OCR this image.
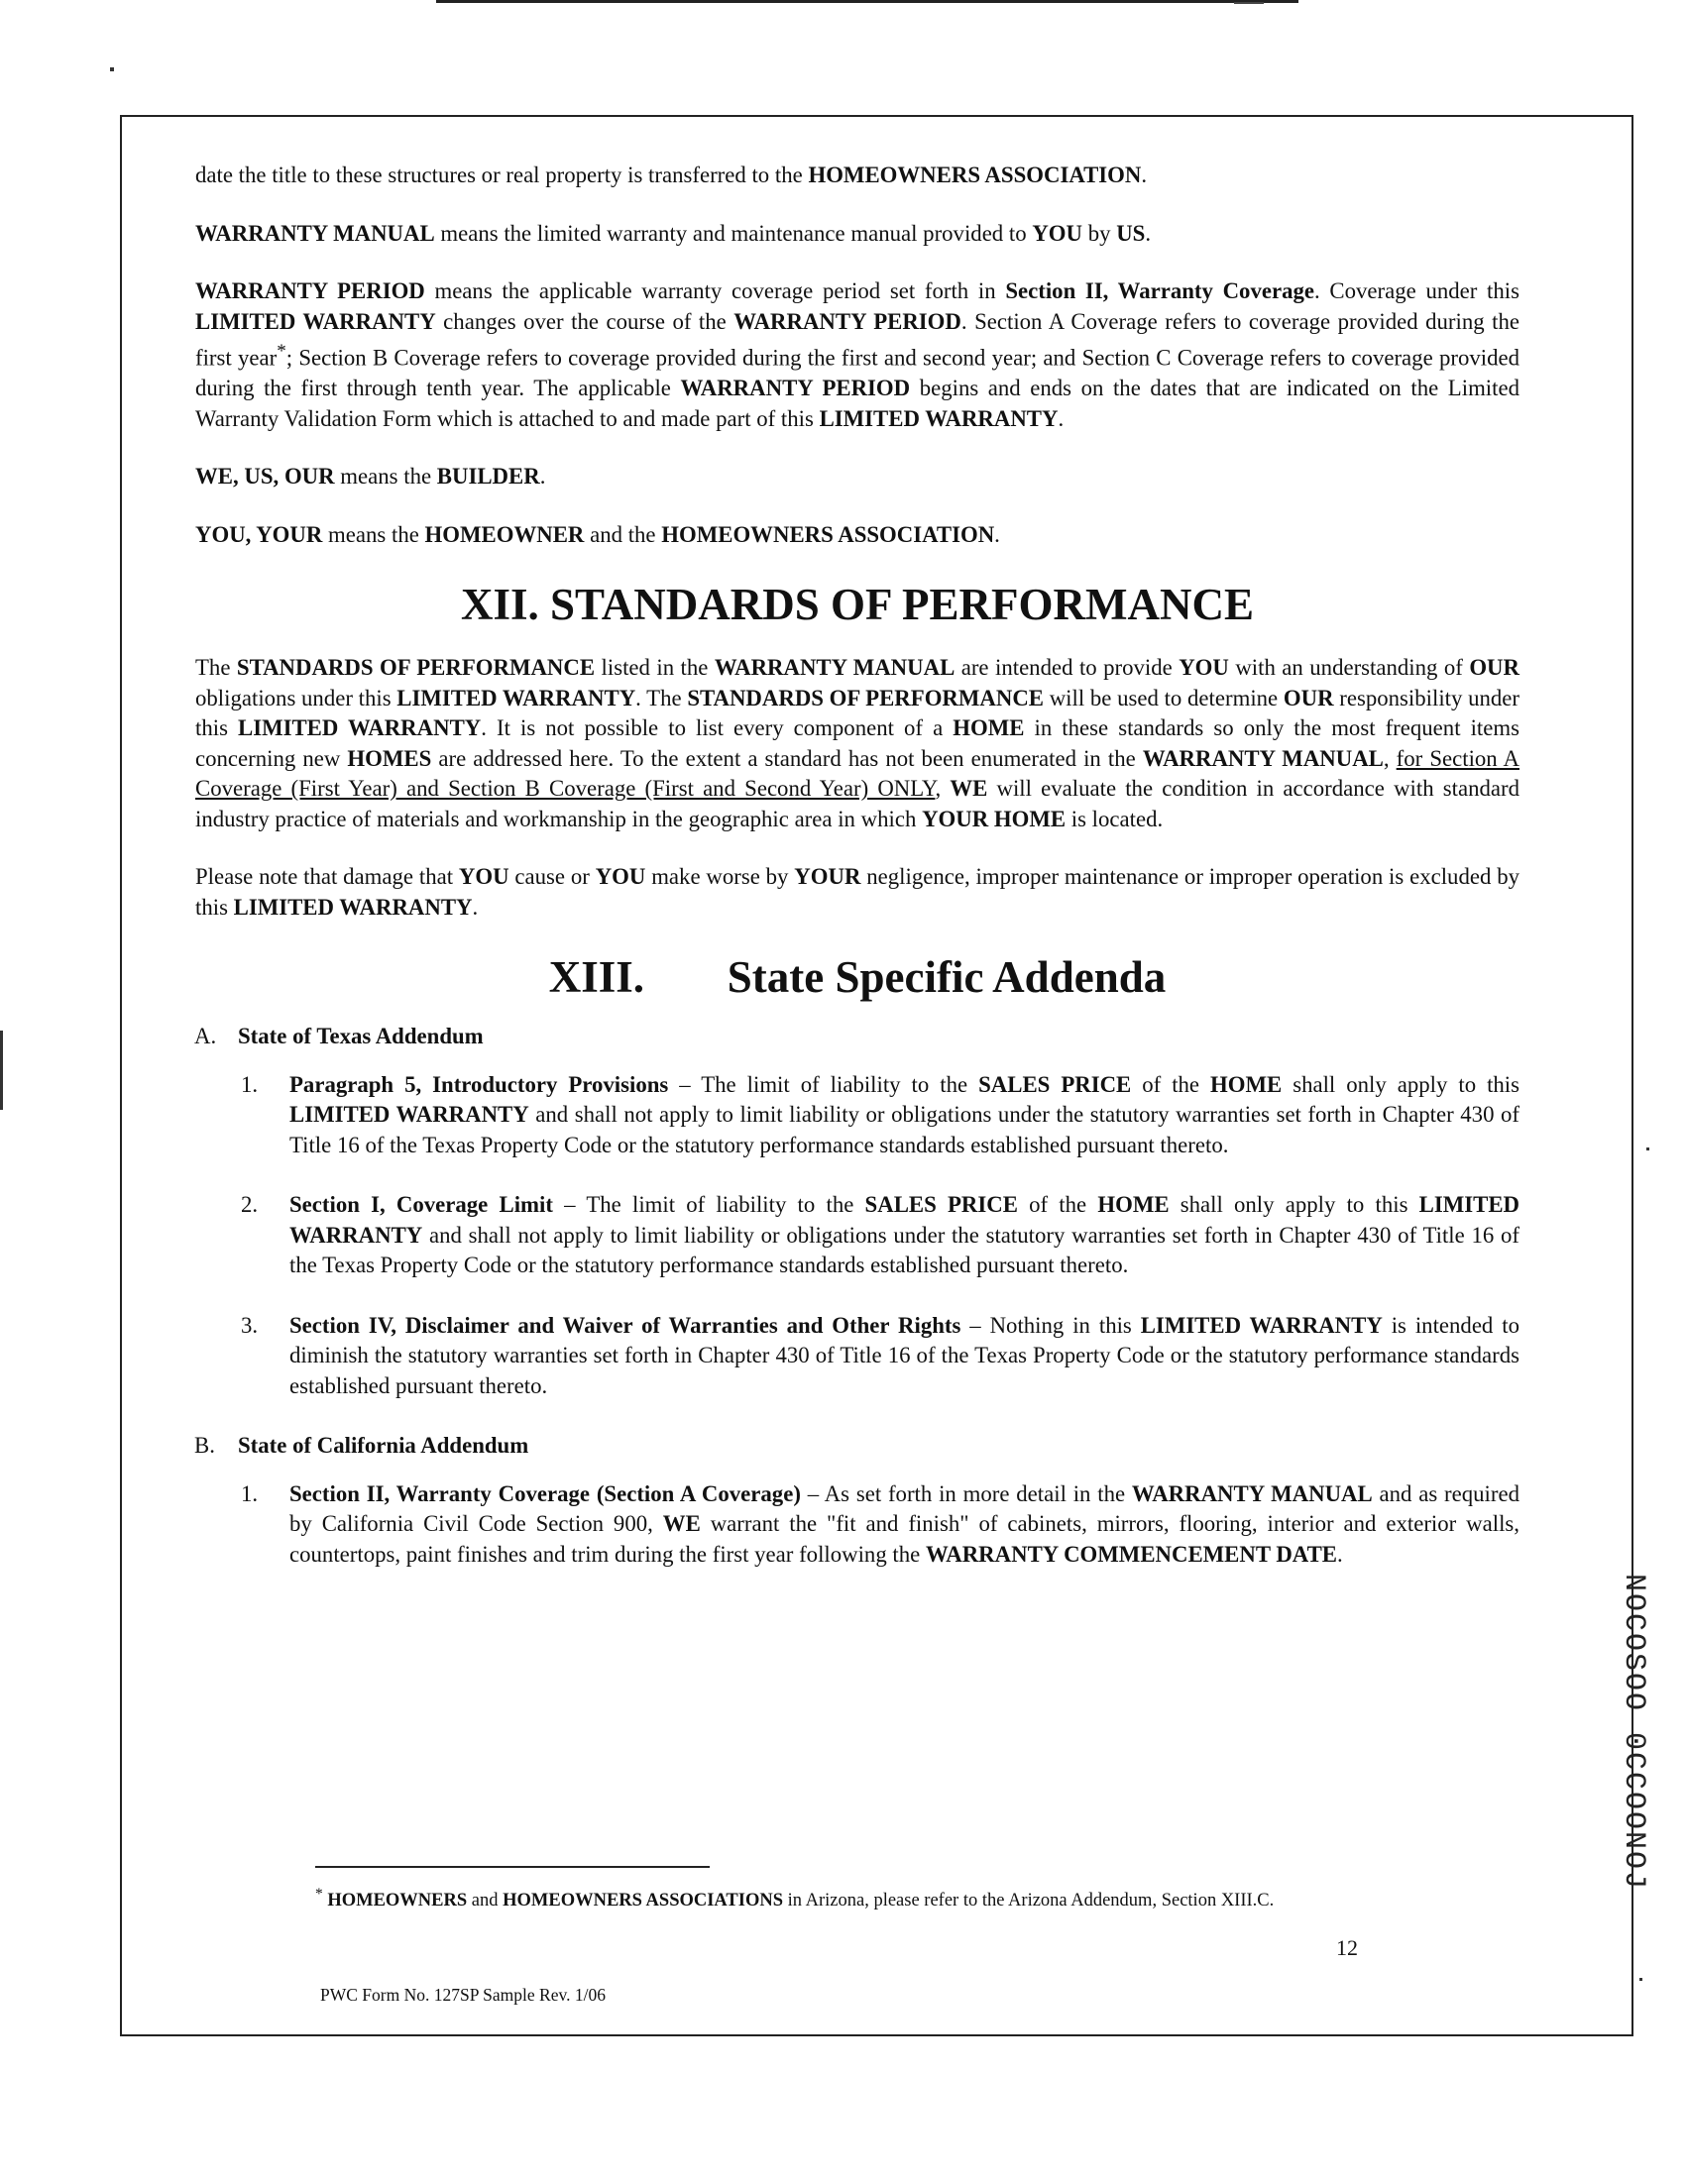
date the title to these structures or real property is transferred to the HOMEOWNERS ASSOCIATION.

WARRANTY MANUAL means the limited warranty and maintenance manual provided to YOU by US.

WARRANTY PERIOD means the applicable warranty coverage period set forth in Section II, Warranty Coverage. Coverage under this LIMITED WARRANTY changes over the course of the WARRANTY PERIOD. Section A Coverage refers to coverage provided during the first year*; Section B Coverage refers to coverage provided during the first and second year; and Section C Coverage refers to coverage provided during the first through tenth year. The applicable WARRANTY PERIOD begins and ends on the dates that are indicated on the Limited Warranty Validation Form which is attached to and made part of this LIMITED WARRANTY.

WE, US, OUR means the BUILDER.

YOU, YOUR means the HOMEOWNER and the HOMEOWNERS ASSOCIATION.

XII. STANDARDS OF PERFORMANCE

The STANDARDS OF PERFORMANCE listed in the WARRANTY MANUAL are intended to provide YOU with an understanding of OUR obligations under this LIMITED WARRANTY. The STANDARDS OF PERFORMANCE will be used to determine OUR responsibility under this LIMITED WARRANTY. It is not possible to list every component of a HOME in these standards so only the most frequent items concerning new HOMES are addressed here. To the extent a standard has not been enumerated in the WARRANTY MANUAL, for Section A Coverage (First Year) and Section B Coverage (First and Second Year) ONLY, WE will evaluate the condition in accordance with standard industry practice of materials and workmanship in the geographic area in which YOUR HOME is located.

Please note that damage that YOU cause or YOU make worse by YOUR negligence, improper maintenance or improper operation is excluded by this LIMITED WARRANTY.

XIII. State Specific Addenda
A. State of Texas Addendum
1. Paragraph 5, Introductory Provisions – The limit of liability to the SALES PRICE of the HOME shall only apply to this LIMITED WARRANTY and shall not apply to limit liability or obligations under the statutory warranties set forth in Chapter 430 of Title 16 of the Texas Property Code or the statutory performance standards established pursuant thereto.
2. Section I, Coverage Limit – The limit of liability to the SALES PRICE of the HOME shall only apply to this LIMITED WARRANTY and shall not apply to limit liability or obligations under the statutory warranties set forth in Chapter 430 of Title 16 of the Texas Property Code or the statutory performance standards established pursuant thereto.
3. Section IV, Disclaimer and Waiver of Warranties and Other Rights – Nothing in this LIMITED WARRANTY is intended to diminish the statutory warranties set forth in Chapter 430 of Title 16 of the Texas Property Code or the statutory performance standards established pursuant thereto.
B. State of California Addendum
1. Section II, Warranty Coverage (Section A Coverage) – As set forth in more detail in the WARRANTY MANUAL and as required by California Civil Code Section 900, WE warrant the "fit and finish" of cabinets, mirrors, flooring, interior and exterior walls, countertops, paint finishes and trim during the first year following the WARRANTY COMMENCEMENT DATE.
* HOMEOWNERS and HOMEOWNERS ASSOCIATIONS in Arizona, please refer to the Arizona Addendum, Section XIII.C.
12
PWC Form No. 127SP Sample Rev. 1/06
NOCOSOO 0CCOONOJ
